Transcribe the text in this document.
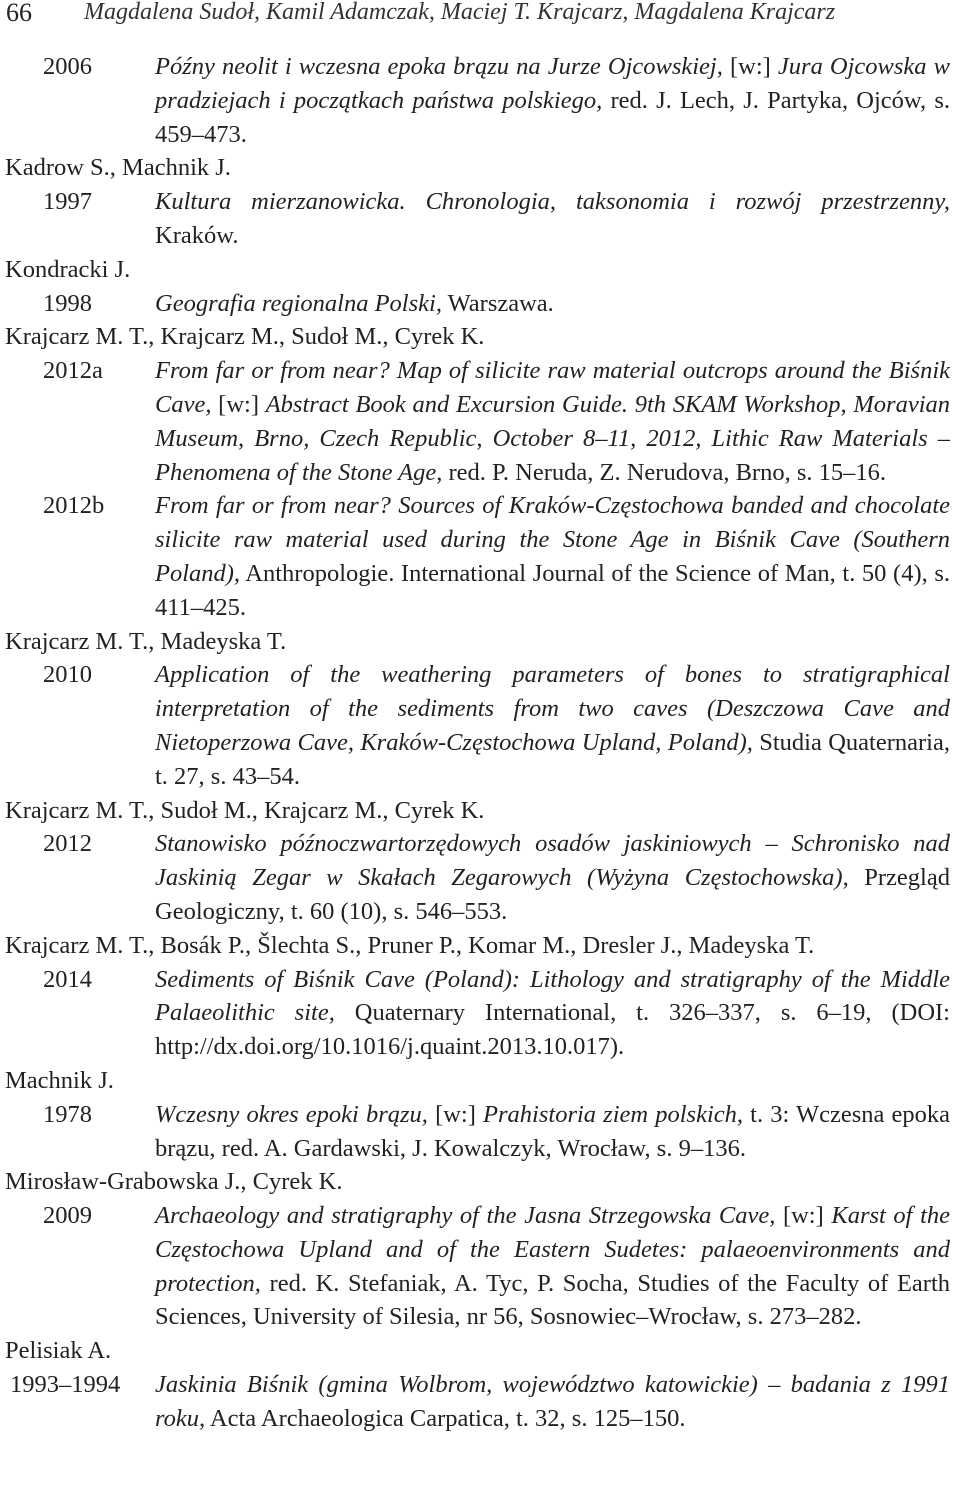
66 Magdalena Sudoł, Kamil Adamczak, Maciej T. Krajcarz, Magdalena Krajcarz
2006	Późny neolit i wczesna epoka brązu na Jurze Ojcowskiej, [w:] Jura Ojcowska w pradziejach i początkach państwa polskiego, red. J. Lech, J. Partyka, Ojców, s. 459–473.
Kadrow S., Machnik J.
1997	Kultura mierzanowicka. Chronologia, taksonomia i rozwój przestrzenny, Kraków.
Kondracki J.
1998	Geografia regionalna Polski, Warszawa.
Krajcarz M. T., Krajcarz M., Sudoł M., Cyrek K.
2012a From far or from near? Map of silicite raw material outcrops around the Biśnik Cave, [w:] Abstract Book and Excursion Guide. 9th SKAM Workshop, Moravian Museum, Brno, Czech Republic, October 8–11, 2012, Lithic Raw Materials – Phenomena of the Stone Age, red. P. Neruda, Z. Nerudova, Brno, s. 15–16.
2012b From far or from near? Sources of Kraków-Częstochowa banded and chocolate silicite raw material used during the Stone Age in Biśnik Cave (Southern Poland), Anthropologie. International Journal of the Science of Man, t. 50 (4), s. 411–425.
Krajcarz M. T., Madeyska T.
2010	Application of the weathering parameters of bones to stratigraphical interpretation of the sediments from two caves (Deszczowa Cave and Nietoperzowa Cave, Kraków-Częstochowa Upland, Poland), Studia Quaternaria, t. 27, s. 43–54.
Krajcarz M. T., Sudoł M., Krajcarz M., Cyrek K.
2012	Stanowisko późnoczwartorzędowych osadów jaskiniowych – Schronisko nad Jaskinią Zegar w Skałach Zegarowych (Wyżyna Częstochowska), Przegląd Geologiczny, t. 60 (10), s. 546–553.
Krajcarz M. T., Bosák P., Šlechta S., Pruner P., Komar M., Dresler J., Madeyska T.
2014	Sediments of Biśnik Cave (Poland): Lithology and stratigraphy of the Middle Palaeolithic site, Quaternary International, t. 326–337, s. 6–19, (DOI: http://dx.doi.org/10.1016/j.quaint.2013.10.017).
Machnik J.
1978	Wczesny okres epoki brązu, [w:] Prahistoria ziem polskich, t. 3: Wczesna epoka brązu, red. A. Gardawski, J. Kowalczyk, Wrocław, s. 9–136.
Mirosław-Grabowska J., Cyrek K.
2009	Archaeology and stratigraphy of the Jasna Strzegowska Cave, [w:] Karst of the Częstochowa Upland and of the Eastern Sudetes: palaeoenvironments and protection, red. K. Stefaniak, A. Tyc, P. Socha, Studies of the Faculty of Earth Sciences, University of Silesia, nr 56, Sosnowiec–Wrocław, s. 273–282.
Pelisiak A.
1993–1994 Jaskinia Biśnik (gmina Wolbrom, województwo katowickie) – badania z 1991 roku, Acta Archaeologica Carpatica, t. 32, s. 125–150.
